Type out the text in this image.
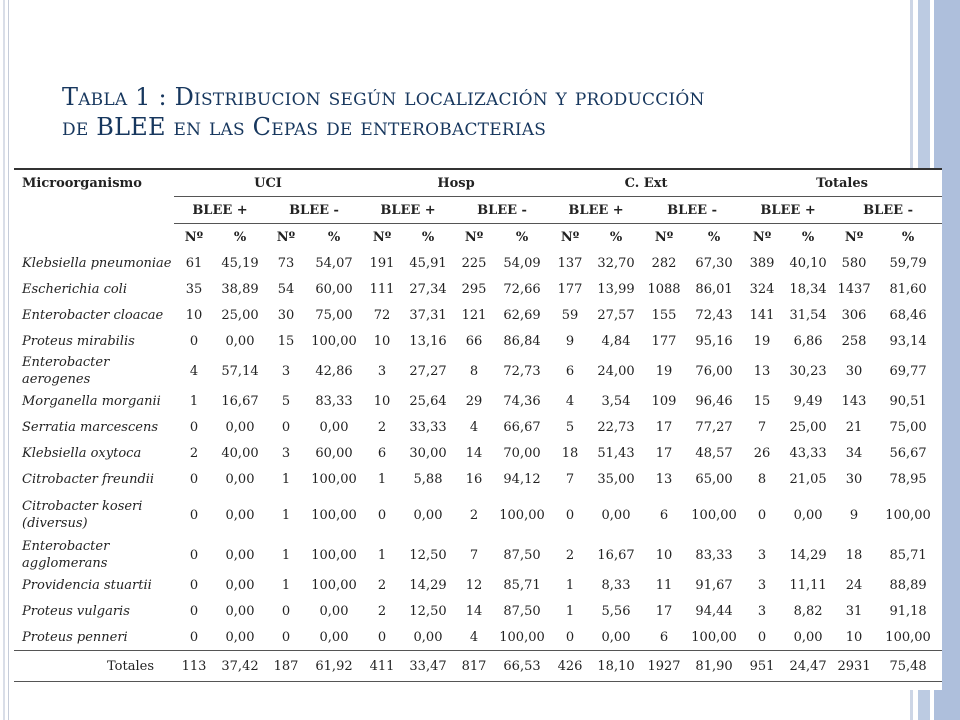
Tabla 1 : Distribucion según localización y producción
de BLEE en las Cepas de enterobacterias
Microorganismo	UCI				Hosp				C. Ext				Totales			
	BLEE +		BLEE -		BLEE +		BLEE -		BLEE +		BLEE -		BLEE +		BLEE -	
	Nº	%	Nº	%	Nº	%	Nº	%	Nº	%	Nº	%	Nº	%	Nº	%
Klebsiella pneumoniae	61	45,19	73	54,07	191	45,91	225	54,09	137	32,70	282	67,30	389	40,10	580	59,79
Escherichia coli	35	38,89	54	60,00	111	27,34	295	72,66	177	13,99	1088	86,01	324	18,34	1437	81,60
Enterobacter cloacae	10	25,00	30	75,00	72	37,31	121	62,69	59	27,57	155	72,43	141	31,54	306	68,46
Proteus mirabilis	0	0,00	15	100,00	10	13,16	66	86,84	9	4,84	177	95,16	19	6,86	258	93,14
Enterobacter aerogenes	4	57,14	3	42,86	3	27,27	8	72,73	6	24,00	19	76,00	13	30,23	30	69,77
Morganella morganii	1	16,67	5	83,33	10	25,64	29	74,36	4	3,54	109	96,46	15	9,49	143	90,51
Serratia marcescens	0	0,00	0	0,00	2	33,33	4	66,67	5	22,73	17	77,27	7	25,00	21	75,00
Klebsiella oxytoca	2	40,00	3	60,00	6	30,00	14	70,00	18	51,43	17	48,57	26	43,33	34	56,67
Citrobacter freundii	0	0,00	1	100,00	1	5,88	16	94,12	7	35,00	13	65,00	8	21,05	30	78,95
Citrobacter koseri (diversus)	0	0,00	1	100,00	0	0,00	2	100,00	0	0,00	6	100,00	0	0,00	9	100,00
Enterobacter agglomerans	0	0,00	1	100,00	1	12,50	7	87,50	2	16,67	10	83,33	3	14,29	18	85,71
Providencia stuartii	0	0,00	1	100,00	2	14,29	12	85,71	1	8,33	11	91,67	3	11,11	24	88,89
Proteus vulgaris	0	0,00	0	0,00	2	12,50	14	87,50	1	5,56	17	94,44	3	8,82	31	91,18
Proteus penneri	0	0,00	0	0,00	0	0,00	4	100,00	0	0,00	6	100,00	0	0,00	10	100,00
Totales	113	37,42	187	61,92	411	33,47	817	66,53	426	18,10	1927	81,90	951	24,47	2931	75,48
